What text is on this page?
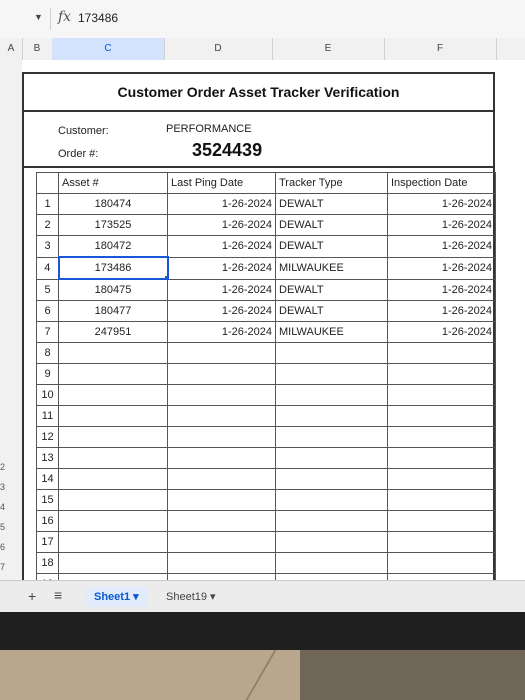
▼ fx 173486
A	B	C	D	E	F
2
3
4
5
6
7
Customer Order Asset Tracker Verification
Customer:	PERFORMANCE
Order #:	3524439
	Asset #	Last Ping Date	Tracker Type	Inspection Date
1	180474	1-26-2024	DEWALT	1-26-2024
2	173525	1-26-2024	DEWALT	1-26-2024
3	180472	1-26-2024	DEWALT	1-26-2024
4	173486	1-26-2024	MILWAUKEE	1-26-2024
5	180475	1-26-2024	DEWALT	1-26-2024
6	180477	1-26-2024	DEWALT	1-26-2024
7	247951	1-26-2024	MILWAUKEE	1-26-2024
8				
9				
10				
11				
12				
13				
14				
15				
16				
17				
18				

+ ≡	Sheet1 ▾	Sheet19 ▾
